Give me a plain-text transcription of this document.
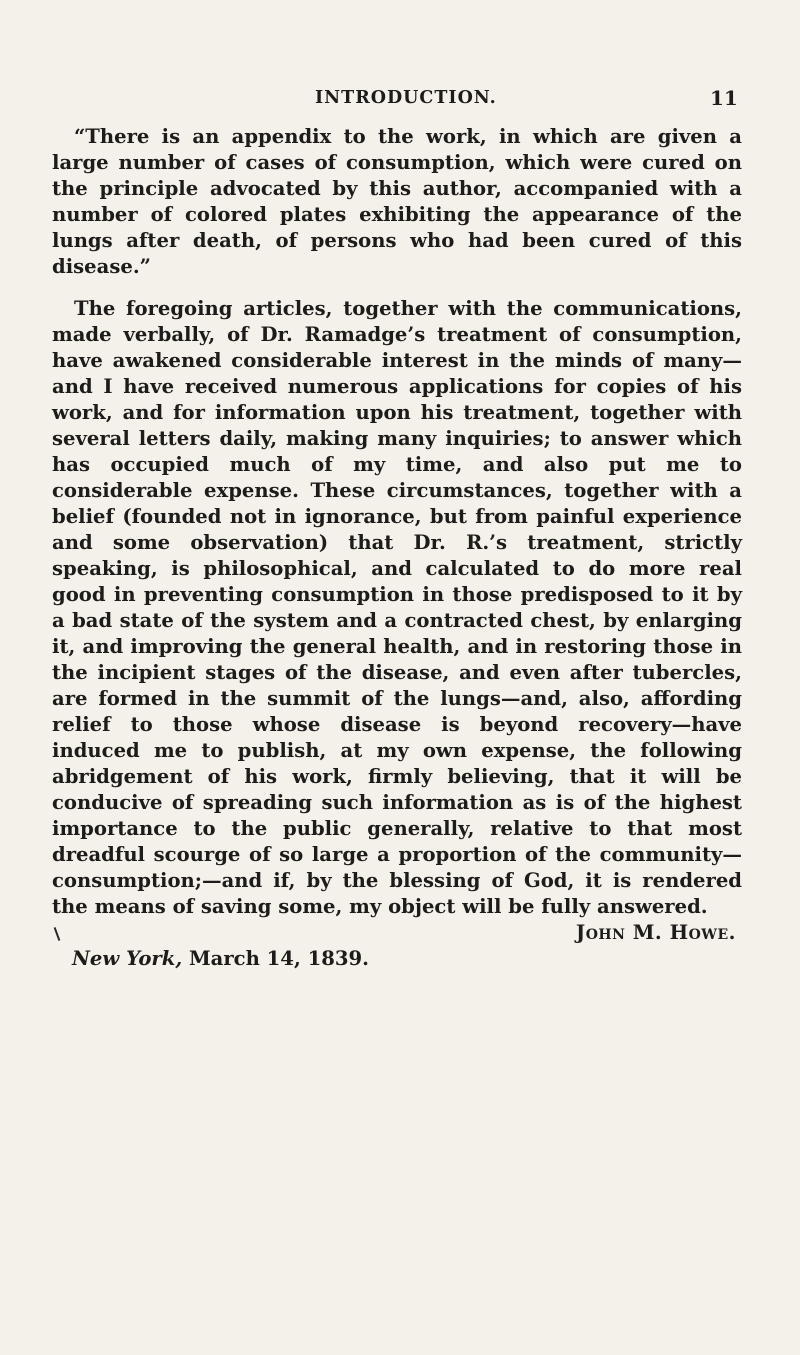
INTRODUCTION.	11

“There is an appendix to the work, in which are given a large number of cases of consumption, which were cured on the principle advocated by this author, accompanied with a number of colored plates exhibiting the appearance of the lungs after death, of persons who had been cured of this disease.”

The foregoing articles, together with the communications, made verbally, of Dr. Ramadge’s treatment of consumption, have awakened considerable interest in the minds of many—and I have received numerous applications for copies of his work, and for information upon his treatment, together with several letters daily, making many inquiries; to answer which has occupied much of my time, and also put me to considerable expense. These circumstances, together with a belief (founded not in ignorance, but from painful experience and some observation) that Dr. R.’s treatment, strictly speaking, is philosophical, and calculated to do more real good in preventing consumption in those predisposed to it by a bad state of the system and a contracted chest, by enlarging it, and improving the general health, and in restoring those in the incipient stages of the disease, and even after tubercles, are formed in the summit of the lungs—and, also, affording relief to those whose disease is beyond recovery—have induced me to publish, at my own expense, the following abridgement of his work, firmly believing, that it will be conducive of spreading such information as is of the highest importance to the public generally, relative to that most dreadful scourge of so large a proportion of the community—consumption;—and if, by the blessing of God, it is rendered the means of saving some, my object will be fully answered.

John M. Howe.

New York, March 14, 1839.
